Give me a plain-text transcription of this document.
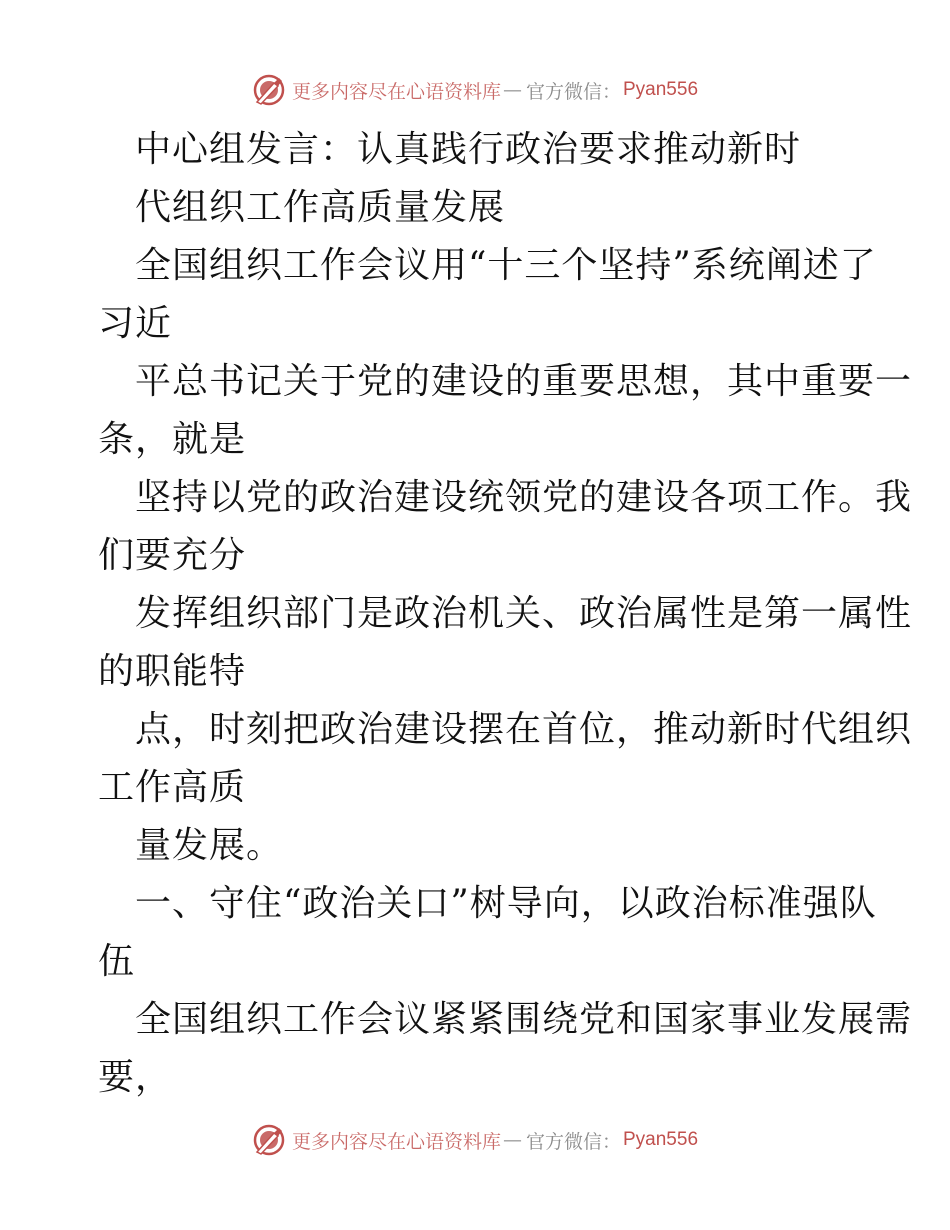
更多内容尽在心语资料库 — 官方微信： Pyan556
中心组发言：认真践行政治要求推动新时
代组织工作高质量发展
全国组织工作会议用“十三个坚持”系统阐述了
习近
平总书记关于党的建设的重要思想，其中重要一
条，就是
坚持以党的政治建设统领党的建设各项工作。我
们要充分
发挥组织部门是政治机关、政治属性是第一属性
的职能特
点，时刻把政治建设摆在首位，推动新时代组织
工作高质
量发展。
一、守住“政治关口”树导向，以政治标准强队
伍
全国组织工作会议紧紧围绕党和国家事业发展需
要，
更多内容尽在心语资料库 — 官方微信： Pyan556
